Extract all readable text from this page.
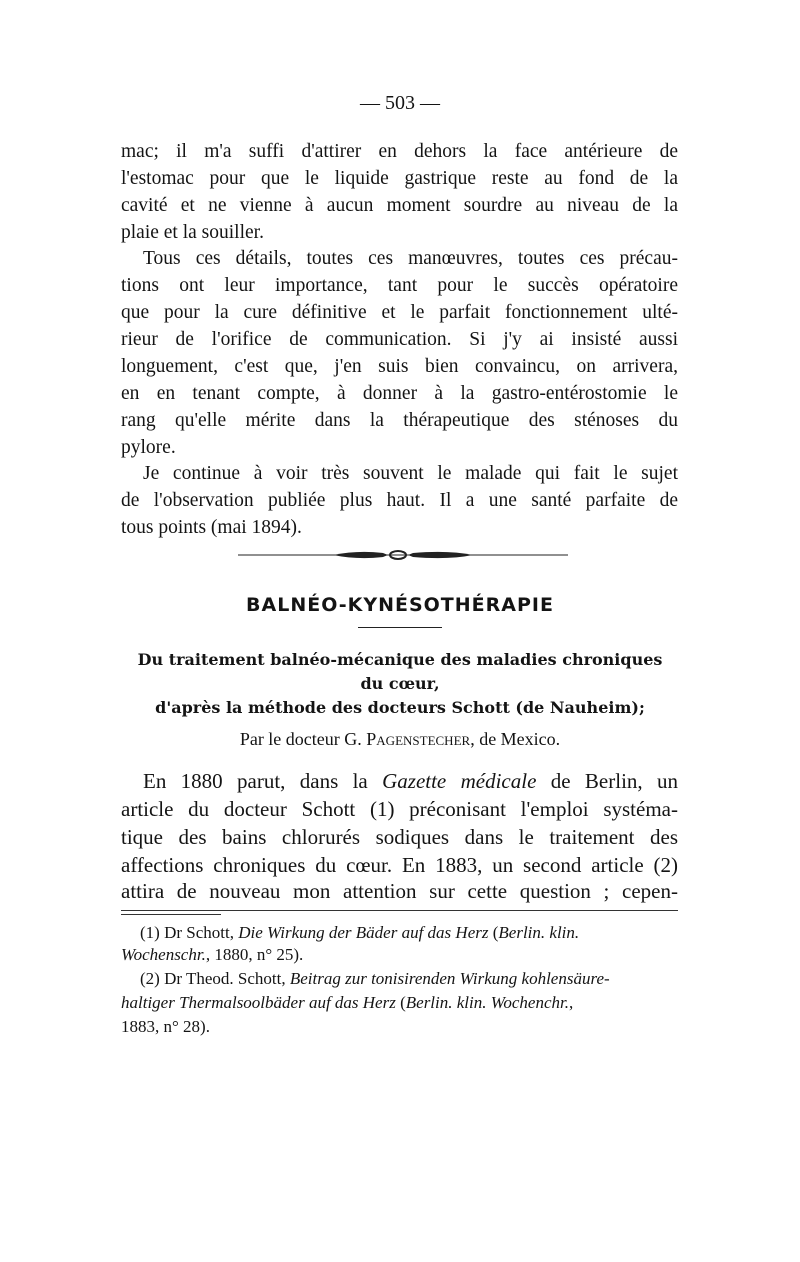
— 503 —
mac; il m'a suffi d'attirer en dehors la face antérieure de
l'estomac pour que le liquide gastrique reste au fond de la
cavité et ne vienne à aucun moment sourdre au niveau de la
plaie et la souiller.
Tous ces détails, toutes ces manœuvres, toutes ces précau-
tions ont leur importance, tant pour le succès opératoire
que pour la cure définitive et le parfait fonctionnement ulté-
rieur de l'orifice de communication. Si j'y ai insisté aussi
longuement, c'est que, j'en suis bien convaincu, on arrivera,
en en tenant compte, à donner à la gastro-entérostomie le
rang qu'elle mérite dans la thérapeutique des sténoses du
pylore.
Je continue à voir très souvent le malade qui fait le sujet
de l'observation publiée plus haut. Il a une santé parfaite de
tous points (mai 1894).
BALNÉO-KYNÉSOTHÉRAPIE
Du traitement balnéo-mécanique des maladies chroniques
du cœur,
d'après la méthode des docteurs Schott (de Nauheim);
Par le docteur G. Pagenstecher, de Mexico.
En 1880 parut, dans la Gazette médicale de Berlin, un
article du docteur Schott (1) préconisant l'emploi systéma-
tique des bains chlorurés sodiques dans le traitement des
affections chroniques du cœur. En 1883, un second article (2)
attira de nouveau mon attention sur cette question ; cepen-
(1) Dr Schott, Die Wirkung der Bäder auf das Herz (Berlin. klin.
Wochenschr., 1880, n° 25).
(2) Dr Theod. Schott, Beitrag zur tonisirenden Wirkung kohlensäure-
haltiger Thermalsoolbäder auf das Herz (Berlin. klin. Wochenchr.,
1883, n° 28).
